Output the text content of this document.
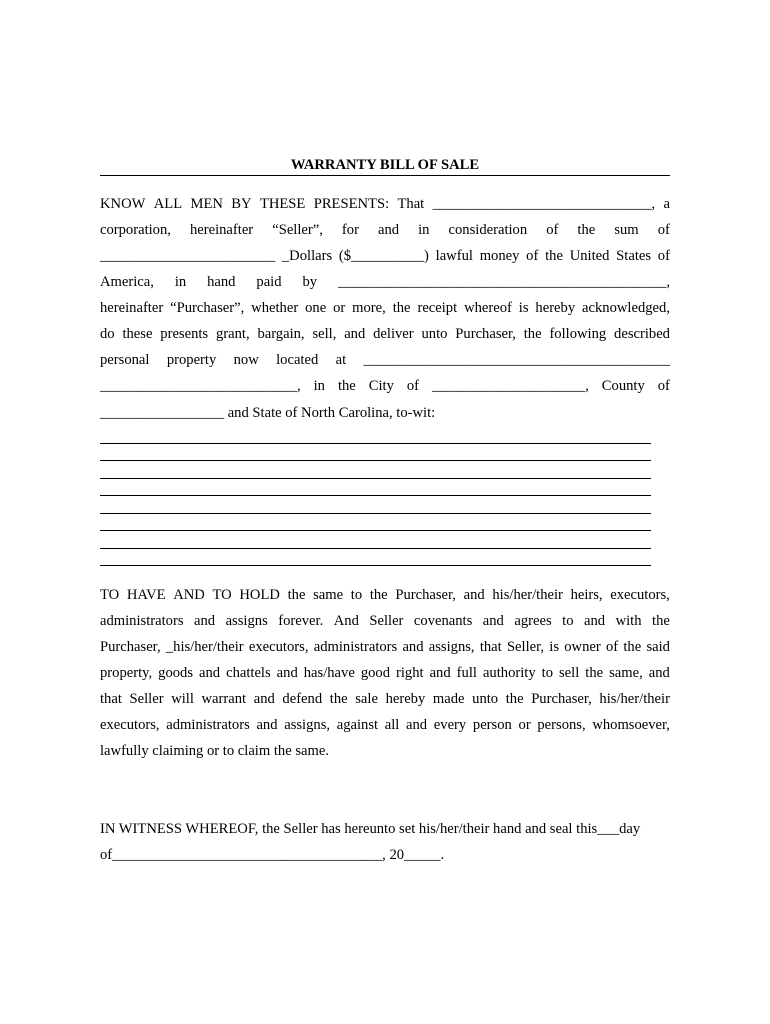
WARRANTY BILL OF SALE
KNOW ALL MEN BY THESE PRESENTS: That ______________________________, a
corporation, hereinafter “Seller”, for and in consideration of the sum of
________________________ _Dollars ($__________) lawful money of the United States of
America, in hand paid by _____________________________________________,
hereinafter “Purchaser”, whether one or more, the receipt whereof is hereby acknowledged,
do these presents grant, bargain, sell, and deliver unto Purchaser, the following described
personal property now located at __________________________________________
___________________________, in the City of _____________________, County of
_________________ and State of North Carolina, to-wit:
TO HAVE AND TO HOLD the same to the Purchaser, and his/her/their heirs, executors,
administrators and assigns forever. And Seller covenants and agrees to and with the
Purchaser, _his/her/their executors, administrators and assigns, that Seller, is owner of the said
property, goods and chattels and has/have good right and full authority to sell the same, and
that Seller will warrant and defend the sale hereby made unto the Purchaser, his/her/their
executors, administrators and assigns, against all and every person or persons, whomsoever,
lawfully claiming or to claim the same.
IN WITNESS WHEREOF, the Seller has hereunto set his/her/their hand and seal this___day
of_____________________________________, 20_____.
